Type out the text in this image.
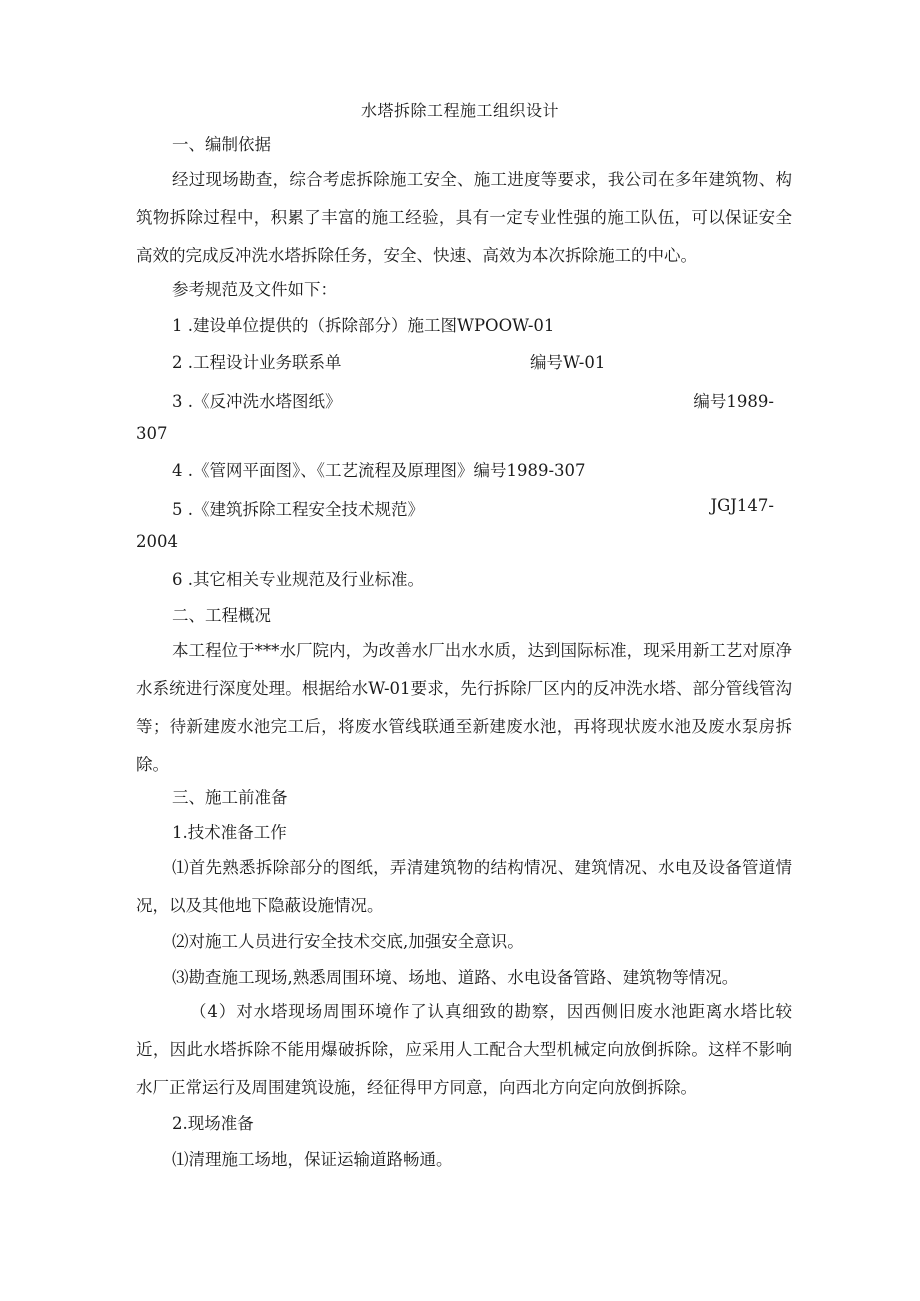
水塔拆除工程施工组织设计
一、编制依据
经过现场勘查，综合考虑拆除施工安全、施工进度等要求，我公司在多年建筑物、构筑物拆除过程中，积累了丰富的施工经验，具有一定专业性强的施工队伍，可以保证安全高效的完成反冲洗水塔拆除任务，安全、快速、高效为本次拆除施工的中心。
参考规范及文件如下：
1 .建设单位提供的（拆除部分）施工图WPOOW-01
2 .工程设计业务联系单	编号W-01
3 .《反冲洗水塔图纸》	编号1989-
307
4 .《管网平面图》、《工艺流程及原理图》编号1989-307
5 .《建筑拆除工程安全技术规范》	JGJ147-
2004
6 .其它相关专业规范及行业标准。
二、工程概况
本工程位于***水厂院内，为改善水厂出水水质，达到国际标准，现采用新工艺对原净水系统进行深度处理。根据给水W-01要求，先行拆除厂区内的反冲洗水塔、部分管线管沟等；待新建废水池完工后，将废水管线联通至新建废水池，再将现状废水池及废水泵房拆除。
三、施工前准备
1.技术准备工作
⑴首先熟悉拆除部分的图纸，弄清建筑物的结构情况、建筑情况、水电及设备管道情况，以及其他地下隐蔽设施情况。
⑵对施工人员进行安全技术交底,加强安全意识。
⑶勘查施工现场,熟悉周围环境、场地、道路、水电设备管路、建筑物等情况。
（4）对水塔现场周围环境作了认真细致的勘察，因西侧旧废水池距离水塔比较近，因此水塔拆除不能用爆破拆除，应采用人工配合大型机械定向放倒拆除。这样不影响水厂正常运行及周围建筑设施，经征得甲方同意，向西北方向定向放倒拆除。
2.现场准备
⑴清理施工场地，保证运输道路畅通。
